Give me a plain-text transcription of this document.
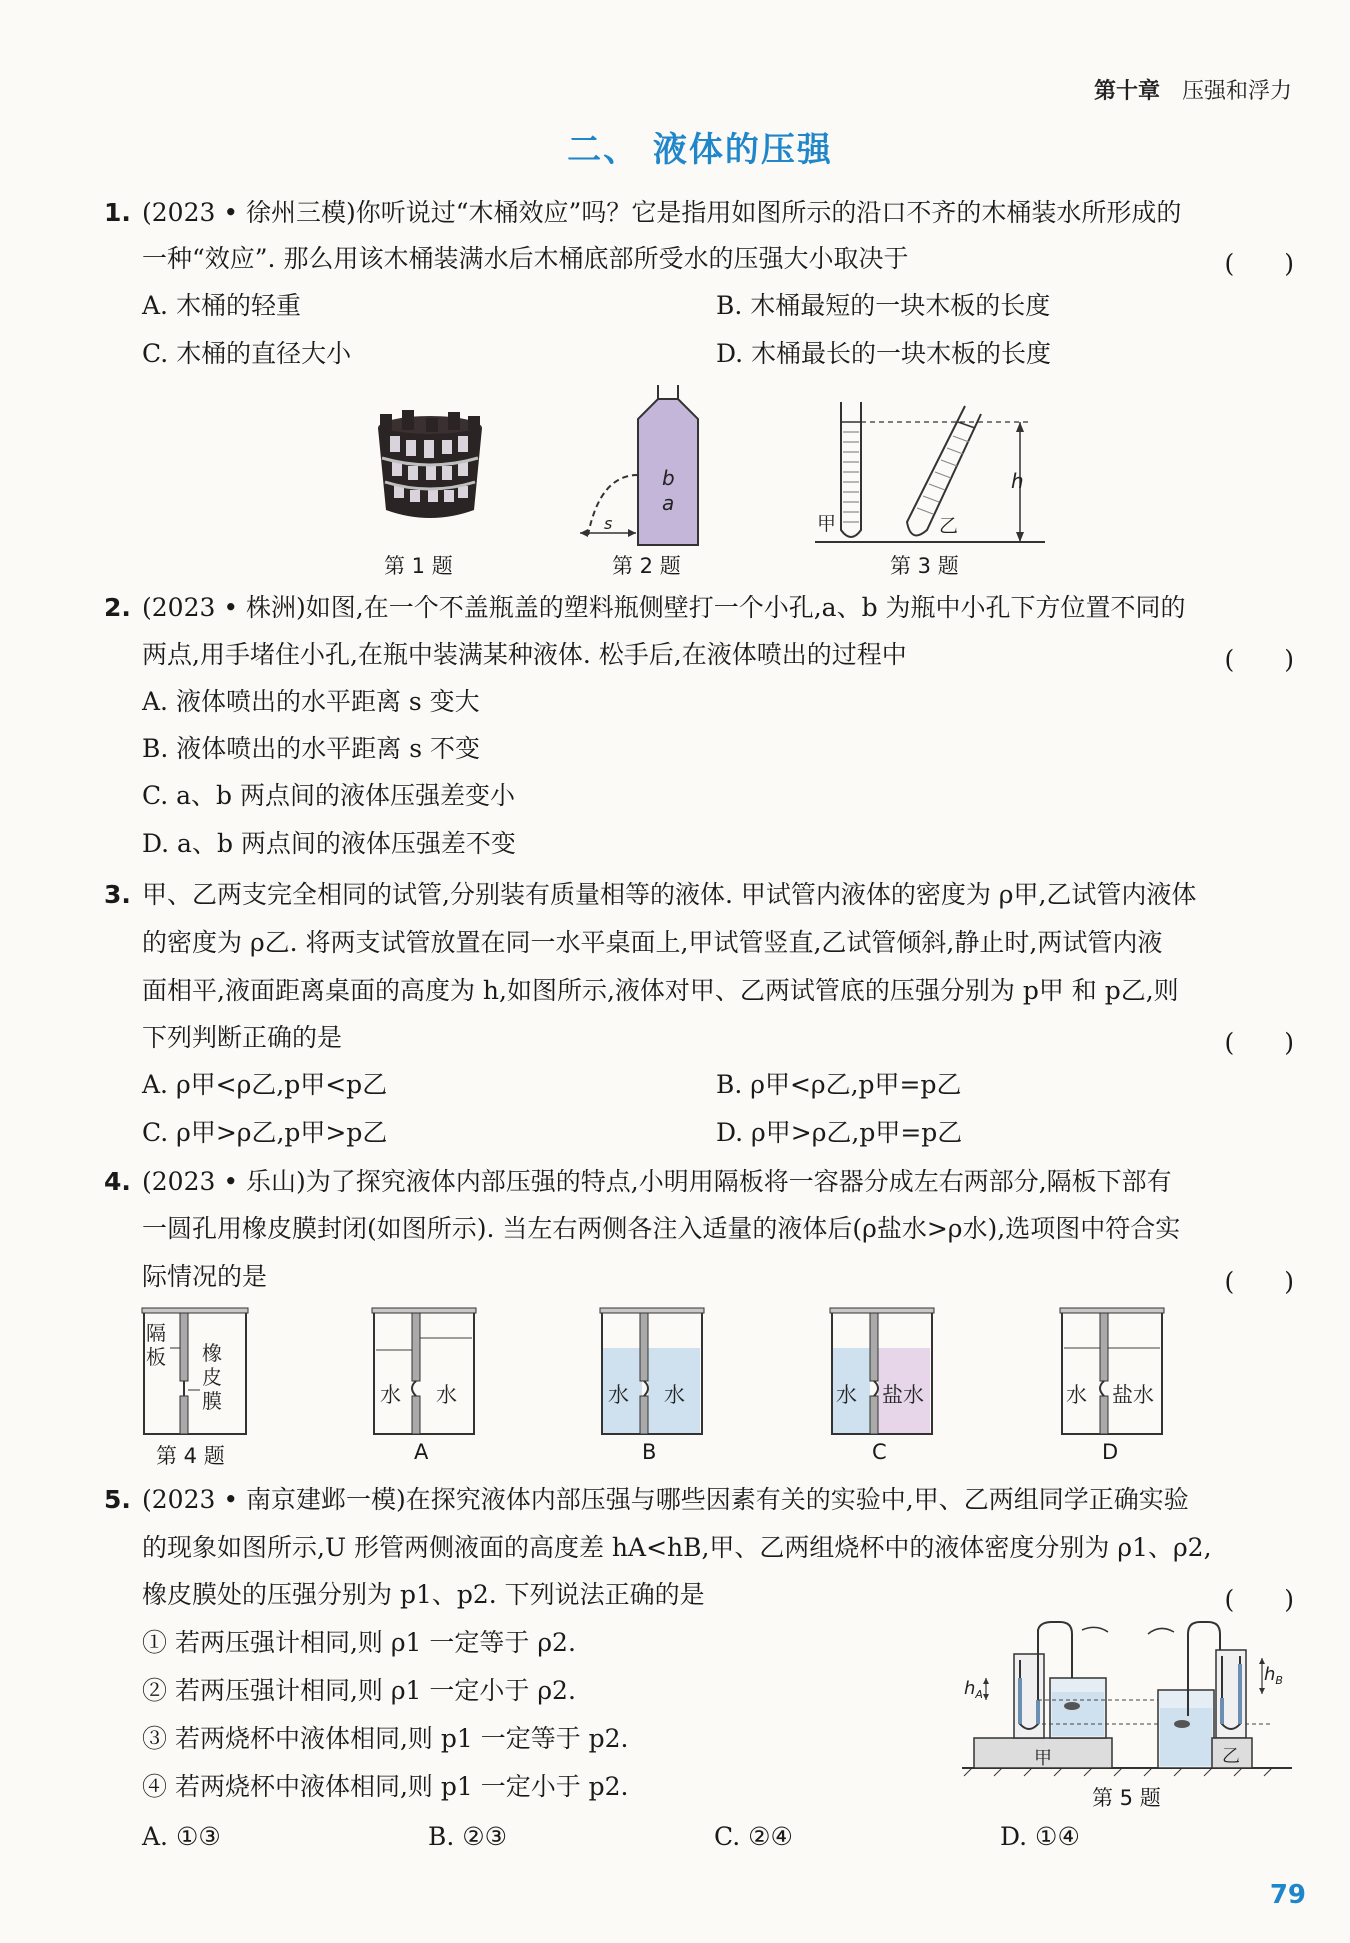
第十章 压强和浮力
二、 液体的压强
1. (2023 • 徐州三模)你听说过“木桶效应”吗？它是指用如图所示的沿口不齐的木桶装水所形成的
一种“效应”. 那么用该木桶装满水后木桶底部所受水的压强大小取决于	(　　)
A. 木桶的轻重	B. 木桶最短的一块木板的长度
C. 木桶的直径大小	D. 木桶最长的一块木板的长度
第 1 题
b
a
s
第 2 题
h
甲	乙
第 3 题
2. (2023 • 株洲)如图,在一个不盖瓶盖的塑料瓶侧壁打一个小孔,a、b 为瓶中小孔下方位置不同的
两点,用手堵住小孔,在瓶中装满某种液体. 松手后,在液体喷出的过程中	(　　)
A. 液体喷出的水平距离 s 变大
B. 液体喷出的水平距离 s 不变
C. a、b 两点间的液体压强差变小
D. a、b 两点间的液体压强差不变
3. 甲、乙两支完全相同的试管,分别装有质量相等的液体. 甲试管内液体的密度为 ρ甲,乙试管内液体
的密度为 ρ乙. 将两支试管放置在同一水平桌面上,甲试管竖直,乙试管倾斜,静止时,两试管内液
面相平,液面距离桌面的高度为 h,如图所示,液体对甲、乙两试管底的压强分别为 p甲 和 p乙,则
下列判断正确的是	(　　)
A. ρ甲<ρ乙,p甲<p乙	B. ρ甲<ρ乙,p甲=p乙
C. ρ甲>ρ乙,p甲>p乙	D. ρ甲>ρ乙,p甲=p乙
4. (2023 • 乐山)为了探究液体内部压强的特点,小明用隔板将一容器分成左右两部分,隔板下部有
一圆孔用橡皮膜封闭(如图所示). 当左右两侧各注入适量的液体后(ρ盐水>ρ水),选项图中符合实
际情况的是	(　　)
隔板 橡皮膜
第 4 题
水 水
A
水 水
B
水 盐水
C
水 盐水
D
5. (2023 • 南京建邺一模)在探究液体内部压强与哪些因素有关的实验中,甲、乙两组同学正确实验
的现象如图所示,U 形管两侧液面的高度差 hA<hB,甲、乙两组烧杯中的液体密度分别为 ρ1、ρ2,
橡皮膜处的压强分别为 p1、p2. 下列说法正确的是	(　　)
① 若两压强计相同,则 ρ1 一定等于 ρ2.
② 若两压强计相同,则 ρ1 一定小于 ρ2.
③ 若两烧杯中液体相同,则 p1 一定等于 p2.
④ 若两烧杯中液体相同,则 p1 一定小于 p2.
A. ①③	B. ②③	C. ②④	D. ①④
$h_A$
甲	乙
$h_B$
第 5 题
79
